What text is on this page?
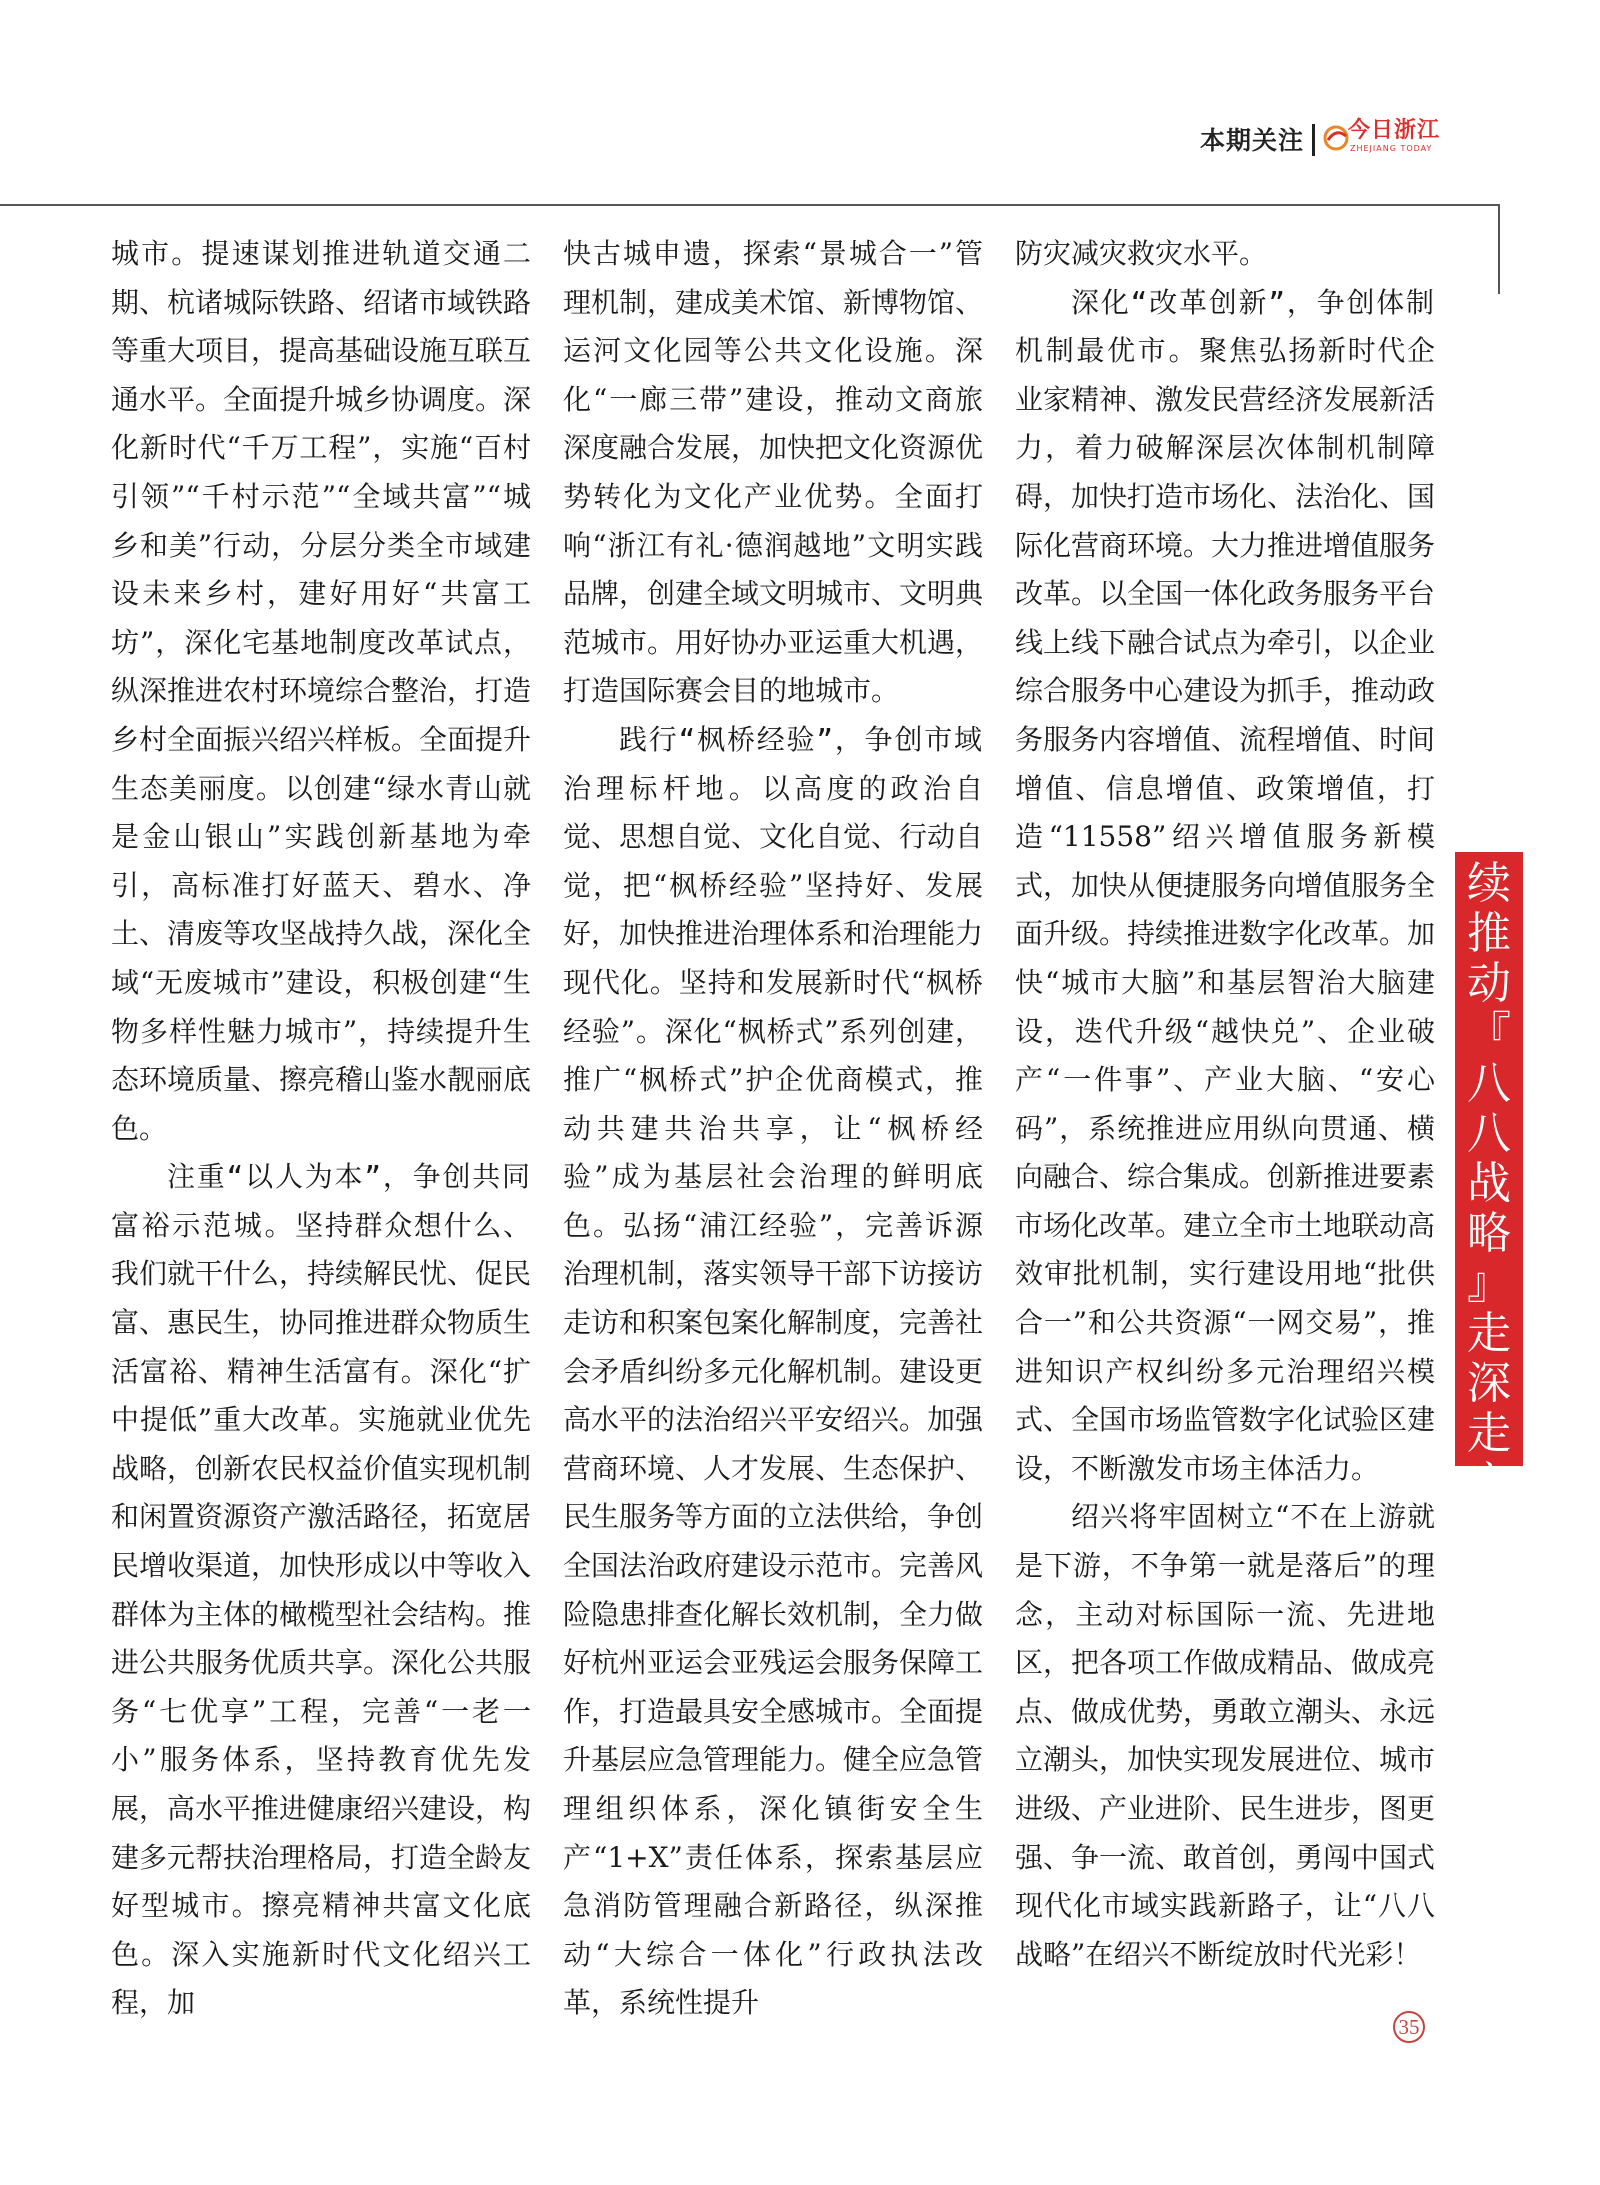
本期关注 今日浙江
ZHEJIANG TODAY

城市。提速谋划推进轨道交通二期、杭诸城际铁路、绍诸市域铁路等重大项目，提高基础设施互联互通水平。全面提升城乡协调度。深化新时代“千万工程”，实施“百村引领”“千村示范”“全域共富”“城乡和美”行动，分层分类全市域建设未来乡村，建好用好“共富工坊”，深化宅基地制度改革试点，纵深推进农村环境综合整治，打造乡村全面振兴绍兴样板。全面提升生态美丽度。以创建“绿水青山就是金山银山”实践创新基地为牵引，高标准打好蓝天、碧水、净土、清废等攻坚战持久战，深化全域“无废城市”建设，积极创建“生物多样性魅力城市”，持续提升生态环境质量、擦亮稽山鉴水靓丽底色。

注重“以人为本”，争创共同富裕示范城。坚持群众想什么、我们就干什么，持续解民忧、促民富、惠民生，协同推进群众物质生活富裕、精神生活富有。深化“扩中提低”重大改革。实施就业优先战略，创新农民权益价值实现机制和闲置资源资产激活路径，拓宽居民增收渠道，加快形成以中等收入群体为主体的橄榄型社会结构。推进公共服务优质共享。深化公共服务“七优享”工程，完善“一老一小”服务体系，坚持教育优先发展，高水平推进健康绍兴建设，构建多元帮扶治理格局，打造全龄友好型城市。擦亮精神共富文化底色。深入实施新时代文化绍兴工程，加

快古城申遗，探索“景城合一”管理机制，建成美术馆、新博物馆、运河文化园等公共文化设施。深化“一廊三带”建设，推动文商旅深度融合发展，加快把文化资源优势转化为文化产业优势。全面打响“浙江有礼·德润越地”文明实践品牌，创建全域文明城市、文明典范城市。用好协办亚运重大机遇，打造国际赛会目的地城市。

践行“枫桥经验”，争创市域治理标杆地。以高度的政治自觉、思想自觉、文化自觉、行动自觉，把“枫桥经验”坚持好、发展好，加快推进治理体系和治理能力现代化。坚持和发展新时代“枫桥经验”。深化“枫桥式”系列创建，推广“枫桥式”护企优商模式，推动共建共治共享，让“枫桥经验”成为基层社会治理的鲜明底色。弘扬“浦江经验”，完善诉源治理机制，落实领导干部下访接访走访和积案包案化解制度，完善社会矛盾纠纷多元化解机制。建设更高水平的法治绍兴平安绍兴。加强营商环境、人才发展、生态保护、民生服务等方面的立法供给，争创全国法治政府建设示范市。完善风险隐患排查化解长效机制，全力做好杭州亚运会亚残运会服务保障工作，打造最具安全感城市。全面提升基层应急管理能力。健全应急管理组织体系，深化镇街安全生产“1+X”责任体系，探索基层应急消防管理融合新路径，纵深推动“大综合一体化”行政执法改革，系统性提升

防灾减灾救灾水平。

深化“改革创新”，争创体制机制最优市。聚焦弘扬新时代企业家精神、激发民营经济发展新活力，着力破解深层次体制机制障碍，加快打造市场化、法治化、国际化营商环境。大力推进增值服务改革。以全国一体化政务服务平台线上线下融合试点为牵引，以企业综合服务中心建设为抓手，推动政务服务内容增值、流程增值、时间增值、信息增值、政策增值，打造“11558”绍兴增值服务新模式，加快从便捷服务向增值服务全面升级。持续推进数字化改革。加快“城市大脑”和基层智治大脑建设，迭代升级“越快兑”、企业破产“一件事”、产业大脑、“安心码”，系统推进应用纵向贯通、横向融合、综合集成。创新推进要素市场化改革。建立全市土地联动高效审批机制，实行建设用地“批供合一”和公共资源“一网交易”，推进知识产权纠纷多元治理绍兴模式、全国市场监管数字化试验区建设，不断激发市场主体活力。

绍兴将牢固树立“不在上游就是下游，不争第一就是落后”的理念，主动对标国际一流、先进地区，把各项工作做成精品、做成亮点、做成优势，勇敢立潮头、永远立潮头，加快实现发展进位、城市进级、产业进阶、民生进步，图更强、争一流、敢首创，勇闯中国式现代化市域实践新路子，让“八八战略”在绍兴不断绽放时代光彩！

持
续
推
动
『
八
八
战
略
』
走
深
走
实
35
